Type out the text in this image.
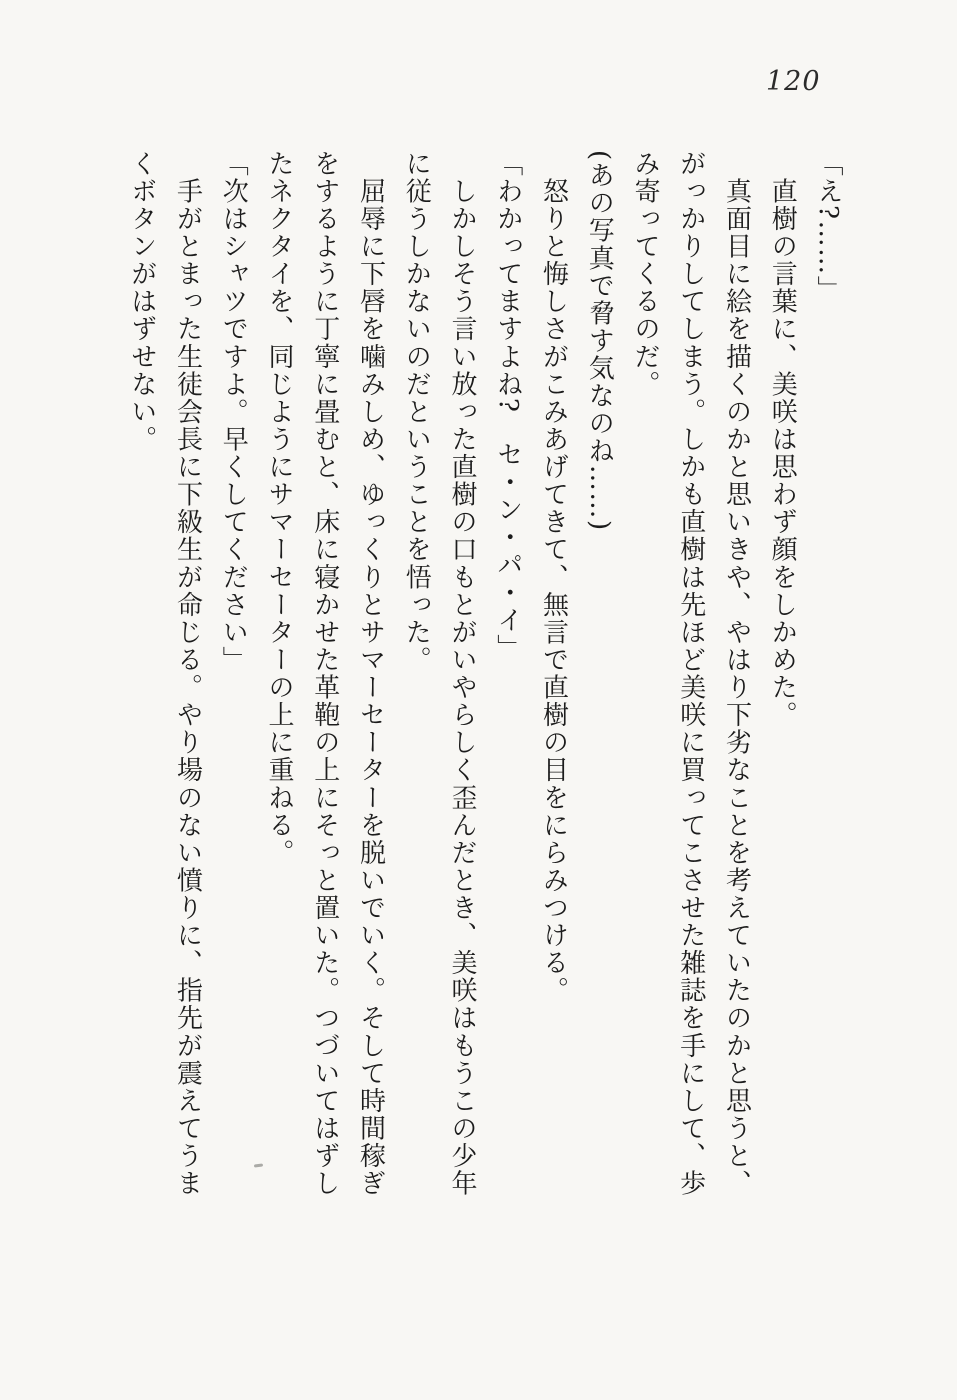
120

「え?……」

　直樹の言葉に、美咲は思わず顔をしかめた。

　真面目に絵を描くのかと思いきや、やはり下劣なことを考えていたのかと思うと、

がっかりしてしまう。しかも直樹は先ほど美咲に買ってこさせた雑誌を手にして、歩

み寄ってくるのだ。

(あの写真で脅す気なのね……)

　怒りと悔しさがこみあげてきて、無言で直樹の目をにらみつける。

「わかってますよね?　セ・ン・パ・イ」

　しかしそう言い放った直樹の口もとがいやらしく歪んだとき、美咲はもうこの少年

に従うしかないのだということを悟った。

　屈辱に下唇を噛みしめ、ゆっくりとサマーセーターを脱いでいく。そして時間稼ぎ

をするように丁寧に畳むと、床に寝かせた革鞄の上にそっと置いた。つづいてはずし

たネクタイを、同じようにサマーセーターの上に重ねる。

「次はシャツですよ。早くしてください」

　手がとまった生徒会長に下級生が命じる。やり場のない憤りに、指先が震えてうま

くボタンがはずせない。
